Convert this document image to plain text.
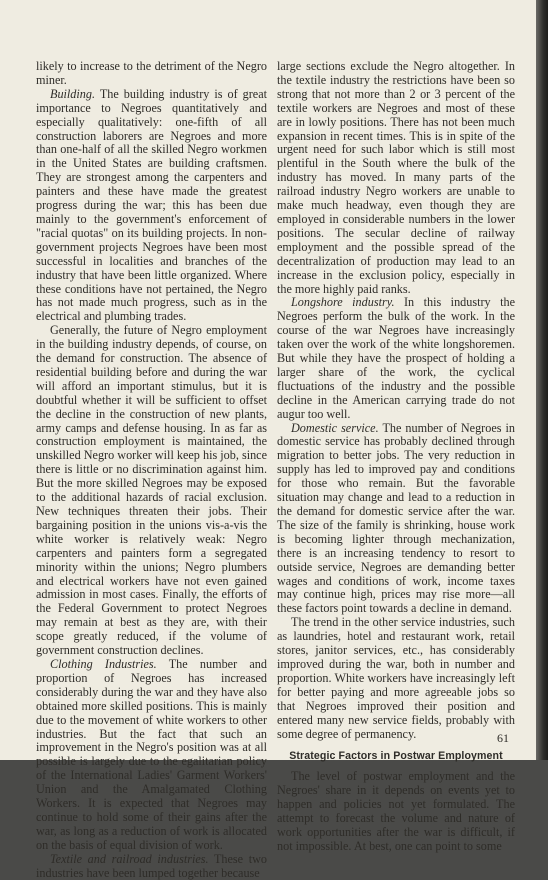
likely to increase to the detriment of the Negro miner.

Building. The building industry is of great importance to Negroes quantitatively and especially qualitatively: one-fifth of all construction laborers are Negroes and more than one-half of all the skilled Negro workmen in the United States are building craftsmen. They are strongest among the carpenters and painters and these have made the greatest progress during the war; this has been due mainly to the government's enforcement of "racial quotas" on its building projects. In non-government projects Negroes have been most successful in localities and branches of the industry that have been little organized. Where these conditions have not pertained, the Negro has not made much progress, such as in the electrical and plumbing trades.

Generally, the future of Negro employment in the building industry depends, of course, on the demand for construction. The absence of residential building before and during the war will afford an important stimulus, but it is doubtful whether it will be sufficient to offset the decline in the construction of new plants, army camps and defense housing. In as far as construction employment is maintained, the unskilled Negro worker will keep his job, since there is little or no discrimination against him. But the more skilled Negroes may be exposed to the additional hazards of racial exclusion. New techniques threaten their jobs. Their bargaining position in the unions vis-a-vis the white worker is relatively weak: Negro carpenters and painters form a segregated minority within the unions; Negro plumbers and electrical workers have not even gained admission in most cases. Finally, the efforts of the Federal Government to protect Negroes may remain at best as they are, with their scope greatly reduced, if the volume of government construction declines.

Clothing Industries. The number and proportion of Negroes has increased considerably during the war and they have also obtained more skilled positions. This is mainly due to the movement of white workers to other industries. But the fact that such an improvement in the Negro's position was at all possible is largely due to the egalitarian policy of the International Ladies' Garment Workers' Union and the Amalgamated Clothing Workers. It is expected that Negroes may continue to hold some of their gains after the war, as long as a reduction of work is allocated on the basis of equal division of work.

Textile and railroad industries. These two industries have been lumped together because

large sections exclude the Negro altogether. In the textile industry the restrictions have been so strong that not more than 2 or 3 percent of the textile workers are Negroes and most of these are in lowly positions. There has not been much expansion in recent times. This is in spite of the urgent need for such labor which is still most plentiful in the South where the bulk of the industry has moved. In many parts of the railroad industry Negro workers are unable to make much headway, even though they are employed in considerable numbers in the lower positions. The secular decline of railway employment and the possible spread of the decentralization of production may lead to an increase in the exclusion policy, especially in the more highly paid ranks.

Longshore industry. In this industry the Negroes perform the bulk of the work. In the course of the war Negroes have increasingly taken over the work of the white longshoremen. But while they have the prospect of holding a larger share of the work, the cyclical fluctuations of the industry and the possible decline in the American carrying trade do not augur too well.

Domestic service. The number of Negroes in domestic service has probably declined through migration to better jobs. The very reduction in supply has led to improved pay and conditions for those who remain. But the favorable situation may change and lead to a reduction in the demand for domestic service after the war. The size of the family is shrinking, house work is becoming lighter through mechanization, there is an increasing tendency to resort to outside service, Negroes are demanding better wages and conditions of work, income taxes may continue high, prices may rise more—all these factors point towards a decline in demand.

The trend in the other service industries, such as laundries, hotel and restaurant work, retail stores, janitor services, etc., has considerably improved during the war, both in number and proportion. White workers have increasingly left for better paying and more agreeable jobs so that Negroes improved their position and entered many new service fields, probably with some degree of permanency.

Strategic Factors in Postwar Employment

The level of postwar employment and the Negroes' share in it depends on events yet to happen and policies not yet formulated. The attempt to forecast the volume and nature of work opportunities after the war is difficult, if not impossible. At best, one can point to some

61
